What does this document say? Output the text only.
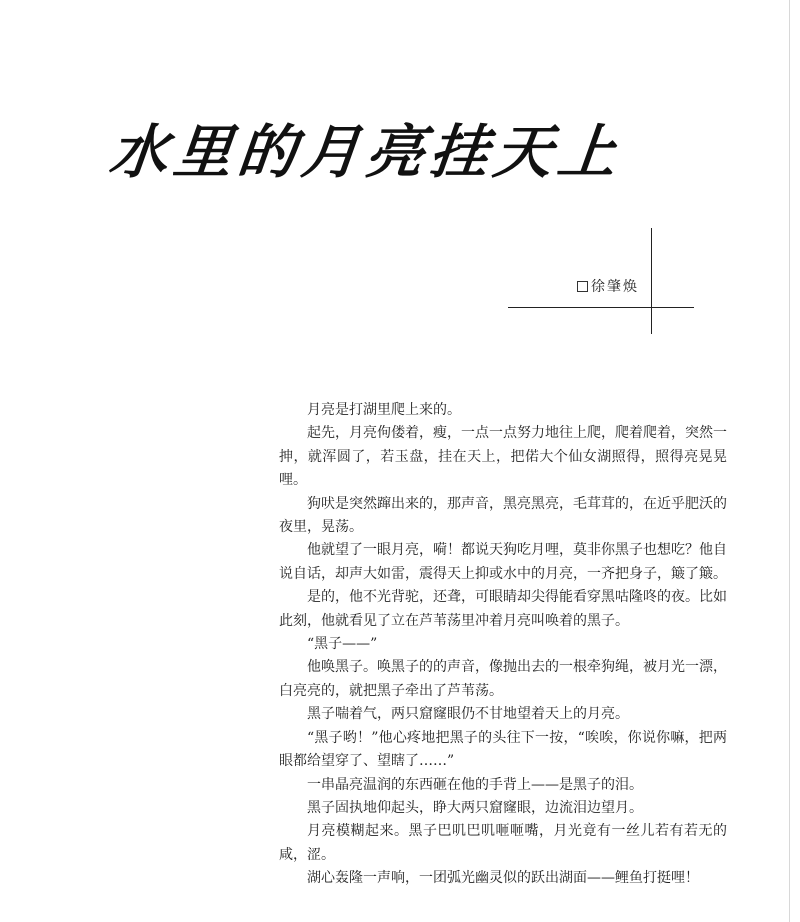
水里的月亮挂天上
徐肇焕

月亮是打湖里爬上来的。

起先，月亮佝偻着，瘦，一点一点努力地往上爬，爬着爬着，突然一抻，就浑圆了，若玉盘，挂在天上，把偌大个仙女湖照得，照得亮晃晃哩。

狗吠是突然蹿出来的，那声音，黑亮黑亮，毛茸茸的，在近乎肥沃的夜里，晃荡。

他就望了一眼月亮，嗬！都说天狗吃月哩，莫非你黑子也想吃？他自说自话，却声大如雷，震得天上抑或水中的月亮，一齐把身子，簸了簸。

是的，他不光背驼，还聋，可眼睛却尖得能看穿黑咕隆咚的夜。比如此刻，他就看见了立在芦苇荡里冲着月亮叫唤着的黑子。

“黑子——”

他唤黑子。唤黑子的的声音，像抛出去的一根牵狗绳，被月光一漂，白亮亮的，就把黑子牵出了芦苇荡。

黑子喘着气，两只窟窿眼仍不甘地望着天上的月亮。

“黑子哟！”他心疼地把黑子的头往下一按，“唉唉，你说你嘛，把两眼都给望穿了、望瞎了……”

一串晶亮温润的东西砸在他的手背上——是黑子的泪。

黑子固执地仰起头，睁大两只窟窿眼，边流泪边望月。

月亮模糊起来。黑子巴叽巴叽咂咂嘴，月光竟有一丝儿若有若无的咸，涩。

湖心轰隆一声响，一团弧光幽灵似的跃出湖面——鲤鱼打挺哩！
